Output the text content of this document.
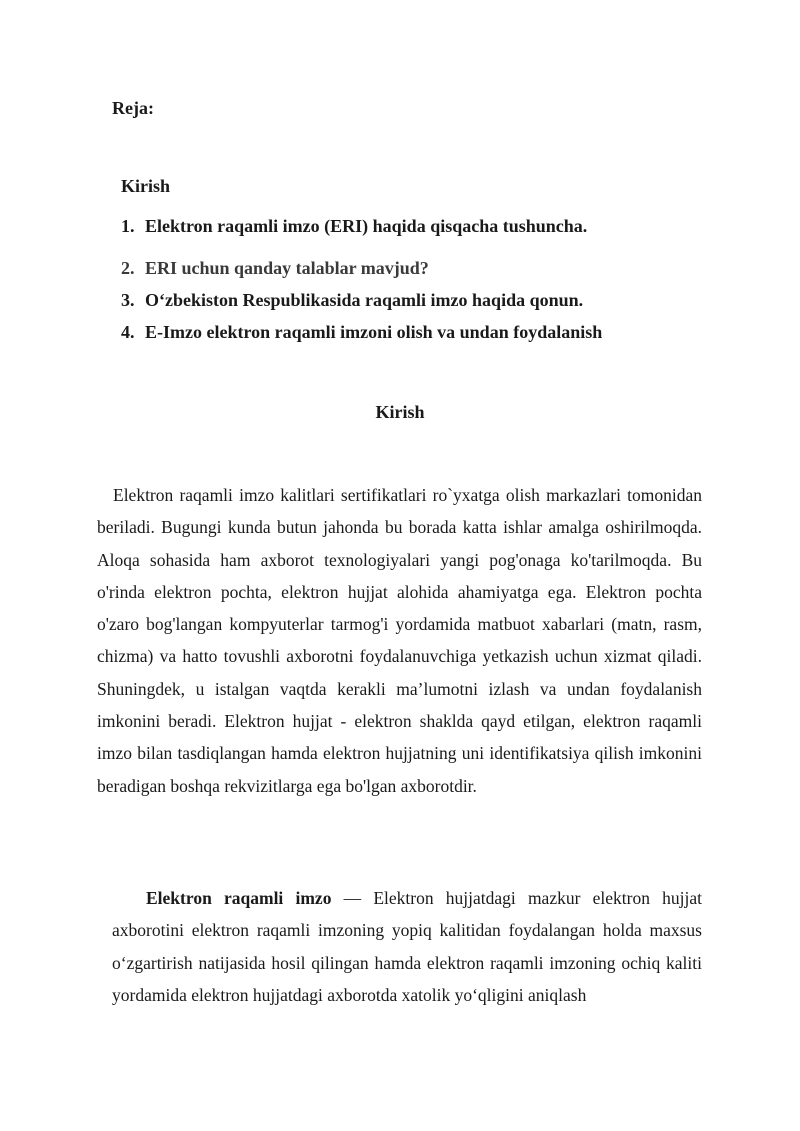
Reja:
Kirish
1. Elektron raqamli imzo (ERI) haqida qisqacha tushuncha.
2. ERI uchun qanday talablar mavjud?
3. O‘zbekiston Respublikasida raqamli imzo haqida qonun.
4. E-Imzo elektron raqamli imzoni olish va undan foydalanish
Kirish

Elektron raqamli imzo kalitlari sertifikatlari ro`yxatga olish markazlari tomonidan beriladi. Bugungi kunda butun jahonda bu borada katta ishlar amalga oshirilmoqda. Aloqa sohasida ham axborot texnologiyalari yangi pog'onaga ko'tarilmoqda. Bu o'rinda elektron pochta, elektron hujjat alohida ahamiyatga ega. Elektron pochta o'zaro bog'langan kompyuterlar tarmog'i yordamida matbuot xabarlari (matn, rasm, chizma) va hatto tovushli axborotni foydalanuvchiga yetkazish uchun xizmat qiladi. Shuningdek, u istalgan vaqtda kerakli ma’lumotni izlash va undan foydalanish imkonini beradi. Elektron hujjat - elektron shaklda qayd etilgan, elektron raqamli imzo bilan tasdiqlangan hamda elektron hujjatning uni identifikatsiya qilish imkonini beradigan boshqa rekvizitlarga ega bo'lgan axborotdir.

Elektron raqamli imzo — Elektron hujjatdagi mazkur elektron hujjat axborotini elektron raqamli imzoning yopiq kalitidan foydalangan holda maxsus o‘zgartirish natijasida hosil qilingan hamda elektron raqamli imzoning ochiq kaliti yordamida elektron hujjatdagi axborotda xatolik yo‘qligini aniqlash
